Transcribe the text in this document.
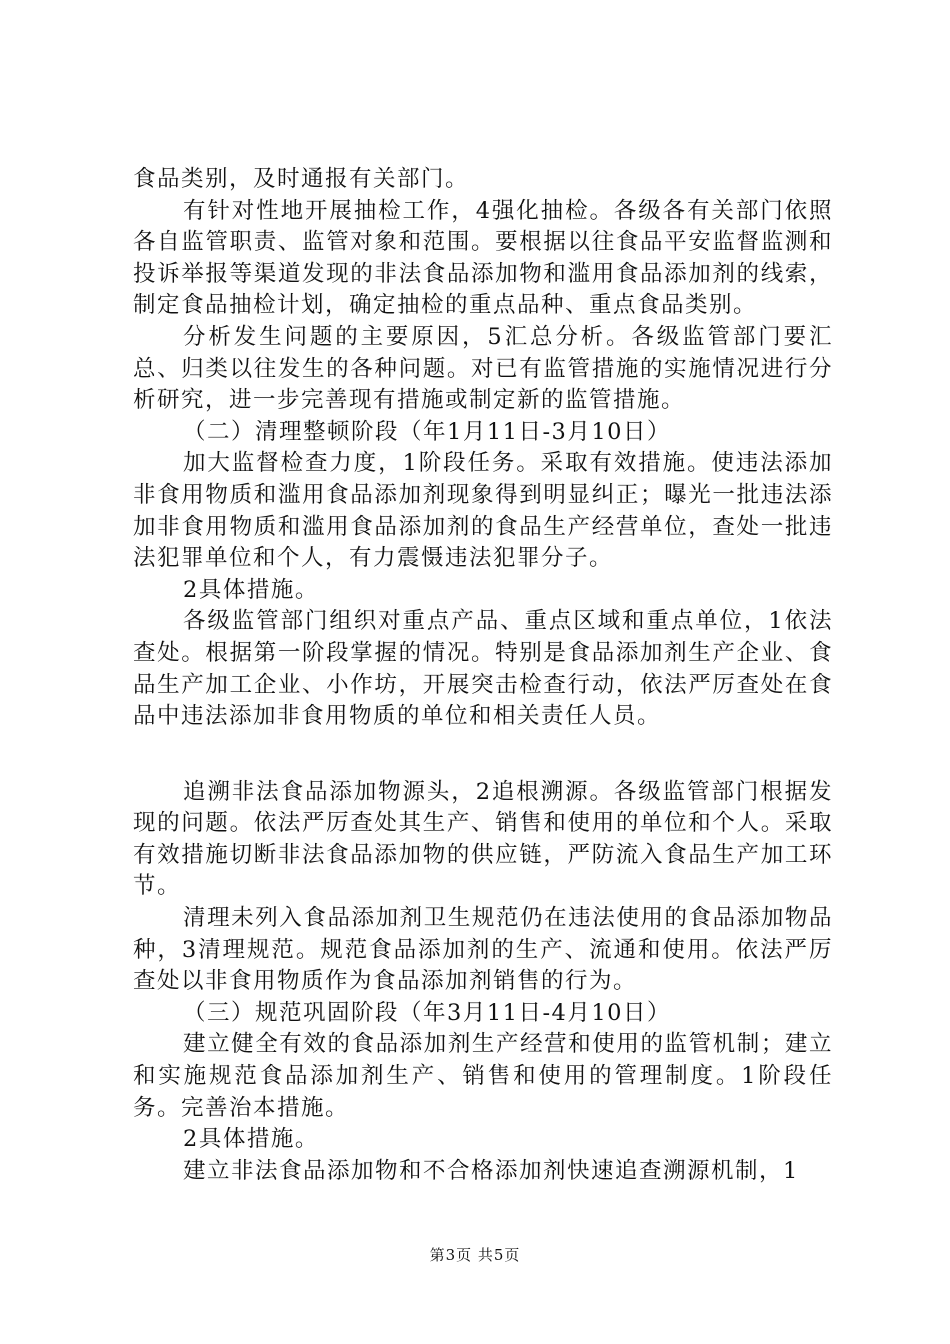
食品类别，及时通报有关部门。

有针对性地开展抽检工作，4强化抽检。各级各有关部门依照各自监管职责、监管对象和范围。要根据以往食品平安监督监测和投诉举报等渠道发现的非法食品添加物和滥用食品添加剂的线索，制定食品抽检计划，确定抽检的重点品种、重点食品类别。

分析发生问题的主要原因，5汇总分析。各级监管部门要汇总、归类以往发生的各种问题。对已有监管措施的实施情况进行分析研究，进一步完善现有措施或制定新的监管措施。

（二）清理整顿阶段（年1月11日-3月10日）

加大监督检查力度，1阶段任务。采取有效措施。使违法添加非食用物质和滥用食品添加剂现象得到明显纠正；曝光一批违法添加非食用物质和滥用食品添加剂的食品生产经营单位，查处一批违法犯罪单位和个人，有力震慑违法犯罪分子。

2具体措施。

各级监管部门组织对重点产品、重点区域和重点单位，1依法查处。根据第一阶段掌握的情况。特别是食品添加剂生产企业、食品生产加工企业、小作坊，开展突击检查行动，依法严厉查处在食品中违法添加非食用物质的单位和相关责任人员。

追溯非法食品添加物源头，2追根溯源。各级监管部门根据发现的问题。依法严厉查处其生产、销售和使用的单位和个人。采取有效措施切断非法食品添加物的供应链，严防流入食品生产加工环节。

清理未列入食品添加剂卫生规范仍在违法使用的食品添加物品种，3清理规范。规范食品添加剂的生产、流通和使用。依法严厉查处以非食用物质作为食品添加剂销售的行为。

（三）规范巩固阶段（年3月11日-4月10日）

建立健全有效的食品添加剂生产经营和使用的监管机制；建立和实施规范食品添加剂生产、销售和使用的管理制度。1阶段任务。完善治本措施。

2具体措施。

建立非法食品添加物和不合格添加剂快速追查溯源机制，1

第3页 共5页
